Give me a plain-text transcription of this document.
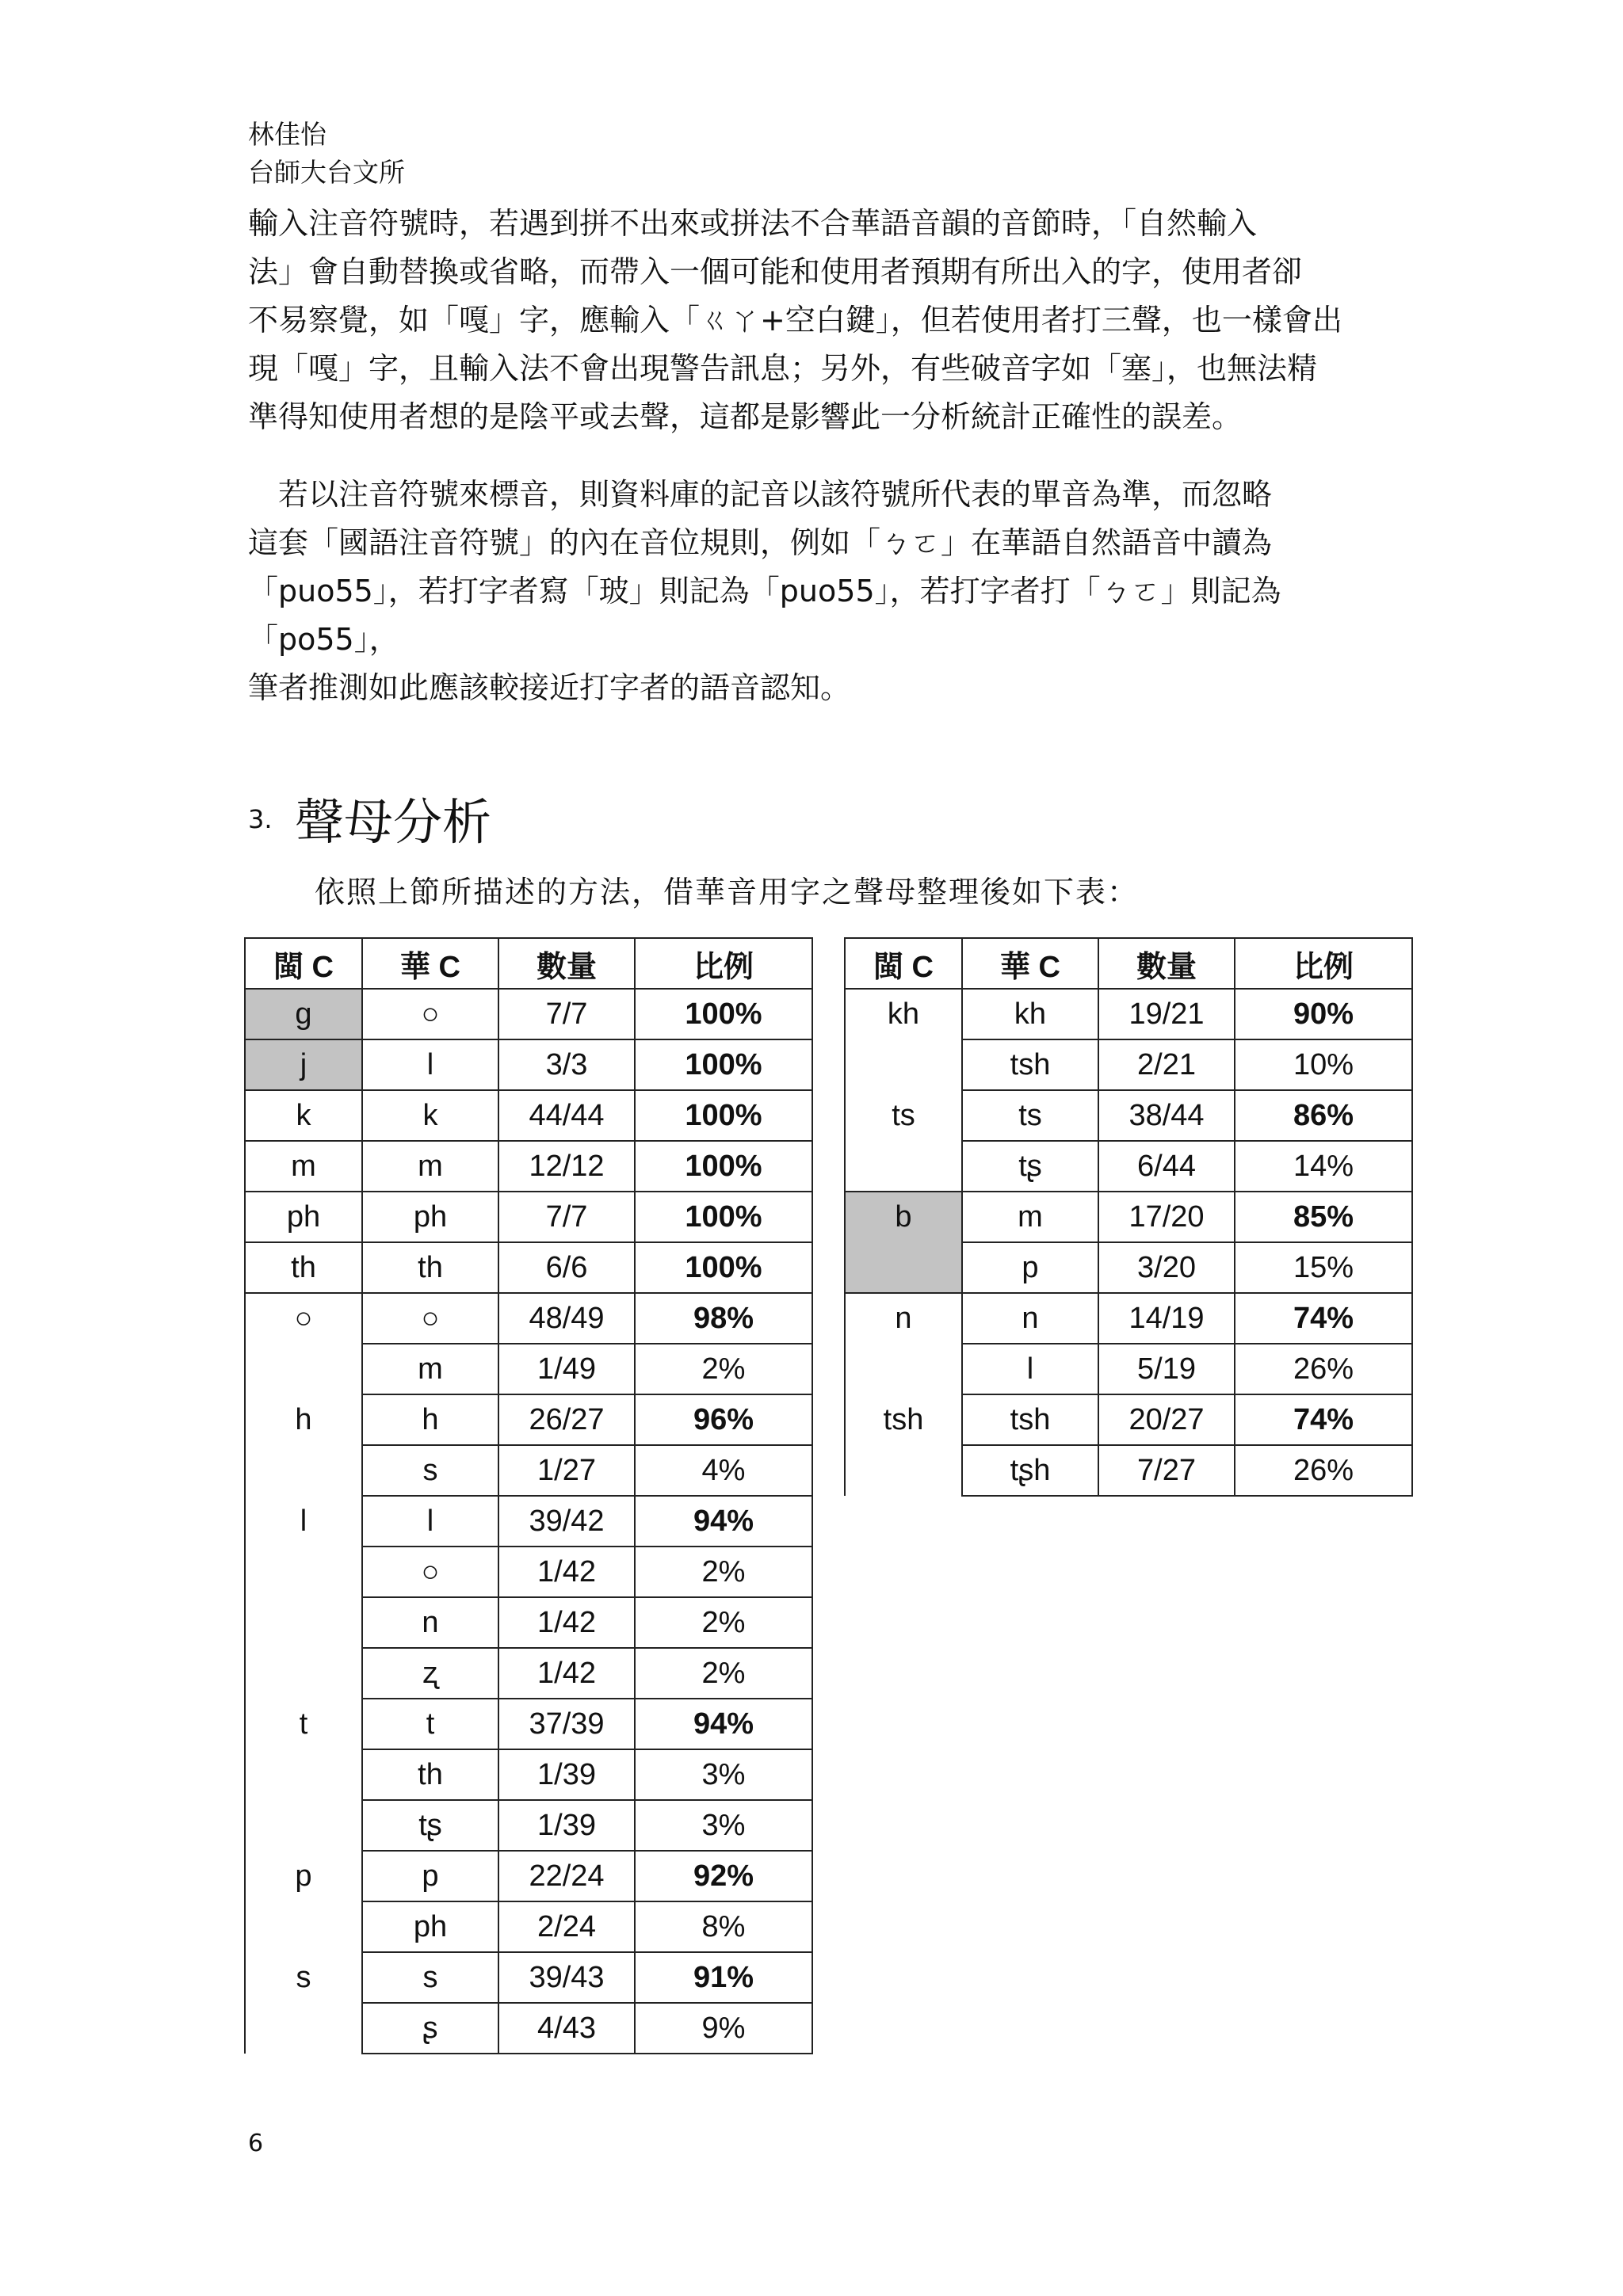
林佳怡
台師大台文所

輸入注音符號時，若遇到拼不出來或拼法不合華語音韻的音節時，「自然輸入

法」會自動替換或省略，而帶入一個可能和使用者預期有所出入的字，使用者卻

不易察覺，如「嘎」字，應輸入「ㄍㄚ+空白鍵」，但若使用者打三聲，也一樣會出

現「嘎」字，且輸入法不會出現警告訊息；另外，有些破音字如「塞」，也無法精

準得知使用者想的是陰平或去聲，這都是影響此一分析統計正確性的誤差。

　若以注音符號來標音，則資料庫的記音以該符號所代表的單音為準，而忽略

這套「國語注音符號」的內在音位規則，例如「ㄅㄛ」在華語自然語音中讀為

「puo55」，若打字者寫「玻」則記為「puo55」，若打字者打「ㄅㄛ」則記為「po55」，

筆者推測如此應該較接近打字者的語音認知。

3. 聲母分析
依照上節所描述的方法，借華音用字之聲母整理後如下表：
閩 C	華 C	數量	比例
g	○	7/7	100%
j	l	3/3	100%
k	k	44/44	100%
m	m	12/12	100%
ph	ph	7/7	100%
th	th	6/6	100%
○	○	48/49	98%
	m	1/49	2%
h	h	26/27	96%
	s	1/27	4%
l	l	39/42	94%
	○	1/42	2%
	n	1/42	2%
	ʐ	1/42	2%
t	t	37/39	94%
	th	1/39	3%
	tʂ	1/39	3%
p	p	22/24	92%
	ph	2/24	8%
s	s	39/43	91%
	ʂ	4/43	9%
閩 C	華 C	數量	比例
kh	kh	19/21	90%
	tsh	2/21	10%
ts	ts	38/44	86%
	tʂ	6/44	14%
b	m	17/20	85%
	p	3/20	15%
n	n	14/19	74%
	l	5/19	26%
tsh	tsh	20/27	74%
	tʂh	7/27	26%
6
